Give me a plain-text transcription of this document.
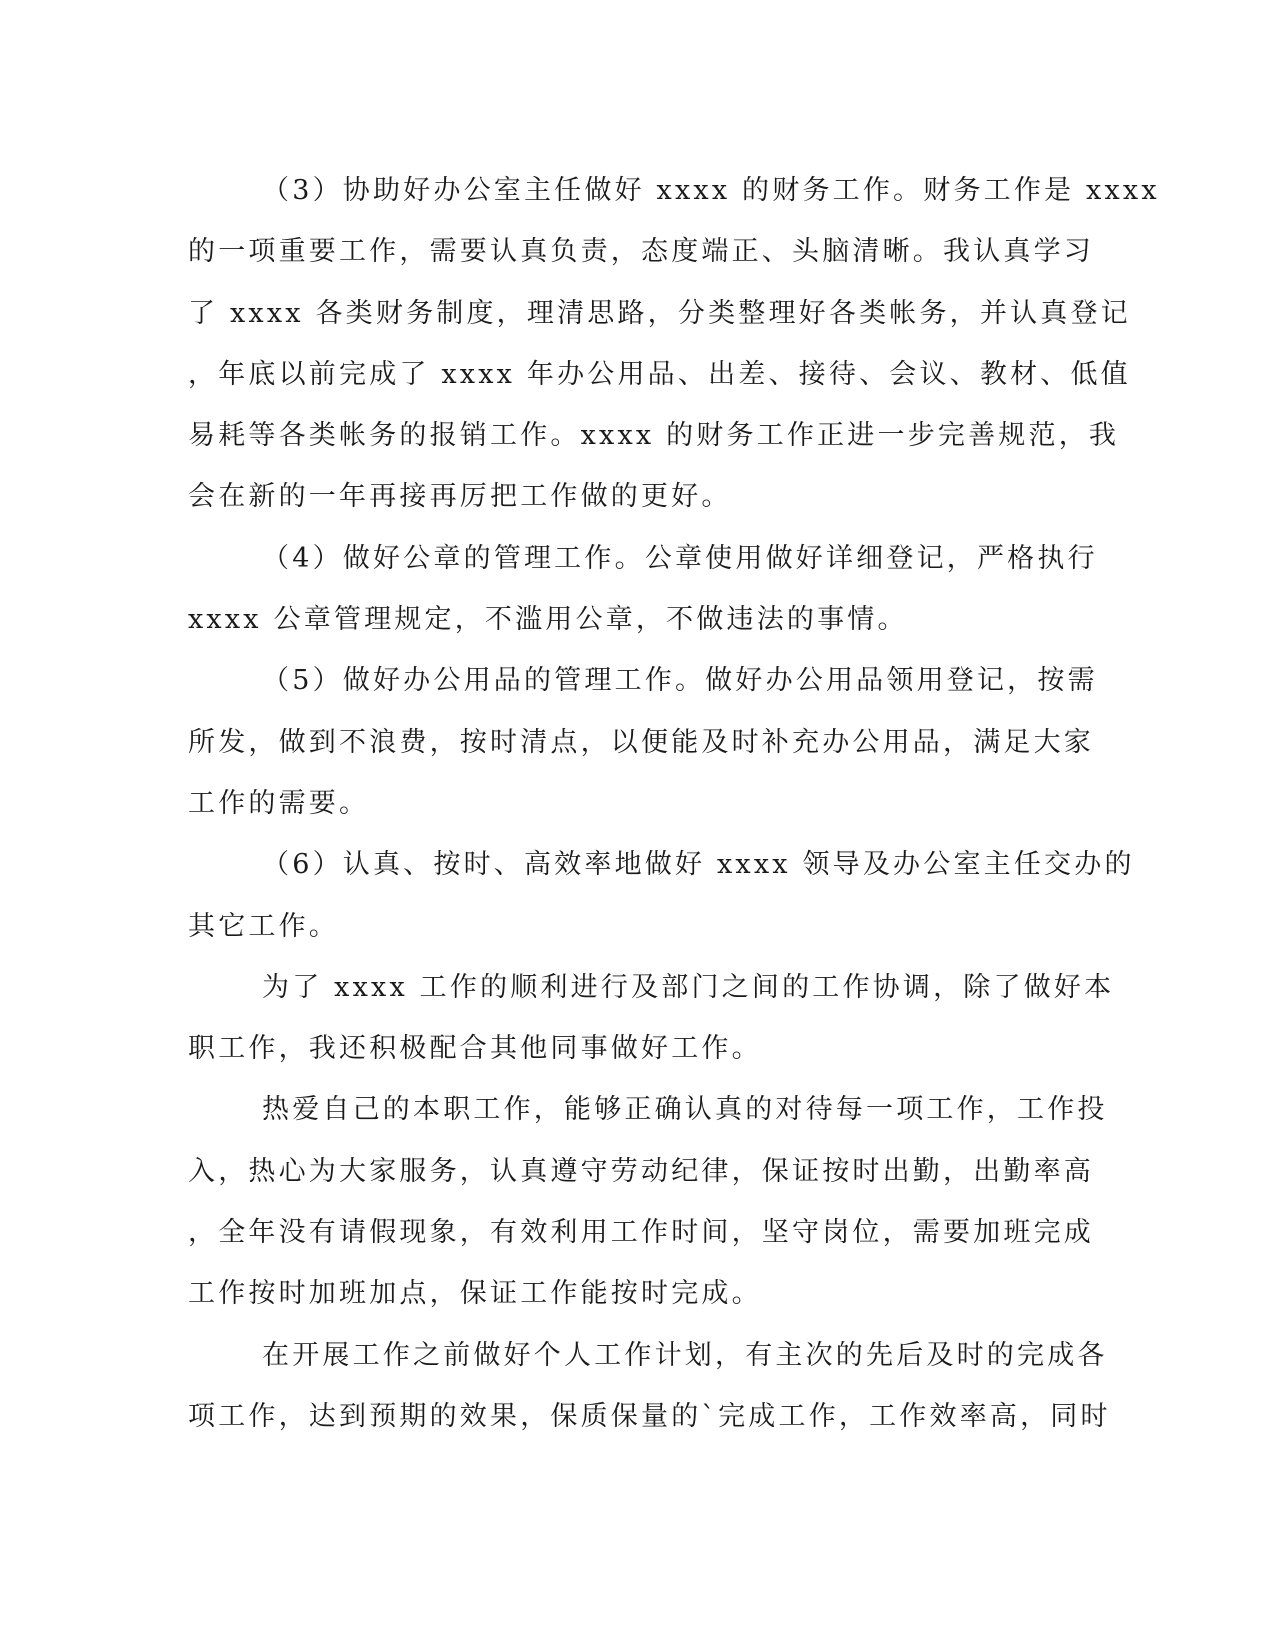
（3）协助好办公室主任做好 xxxx 的财务工作。财务工作是 xxxx
的一项重要工作，需要认真负责，态度端正、头脑清晰。我认真学习
了 xxxx 各类财务制度，理清思路，分类整理好各类帐务，并认真登记
，年底以前完成了 xxxx 年办公用品、出差、接待、会议、教材、低值
易耗等各类帐务的报销工作。xxxx 的财务工作正进一步完善规范，我
会在新的一年再接再厉把工作做的更好。
（4）做好公章的管理工作。公章使用做好详细登记，严格执行
xxxx 公章管理规定，不滥用公章，不做违法的事情。
（5）做好办公用品的管理工作。做好办公用品领用登记，按需
所发，做到不浪费，按时清点，以便能及时补充办公用品，满足大家
工作的需要。
（6）认真、按时、高效率地做好 xxxx 领导及办公室主任交办的
其它工作。
为了 xxxx 工作的顺利进行及部门之间的工作协调，除了做好本
职工作，我还积极配合其他同事做好工作。
热爱自己的本职工作，能够正确认真的对待每一项工作，工作投
入，热心为大家服务，认真遵守劳动纪律，保证按时出勤，出勤率高
，全年没有请假现象，有效利用工作时间，坚守岗位，需要加班完成
工作按时加班加点，保证工作能按时完成。
在开展工作之前做好个人工作计划，有主次的先后及时的完成各
项工作，达到预期的效果，保质保量的`完成工作，工作效率高，同时
